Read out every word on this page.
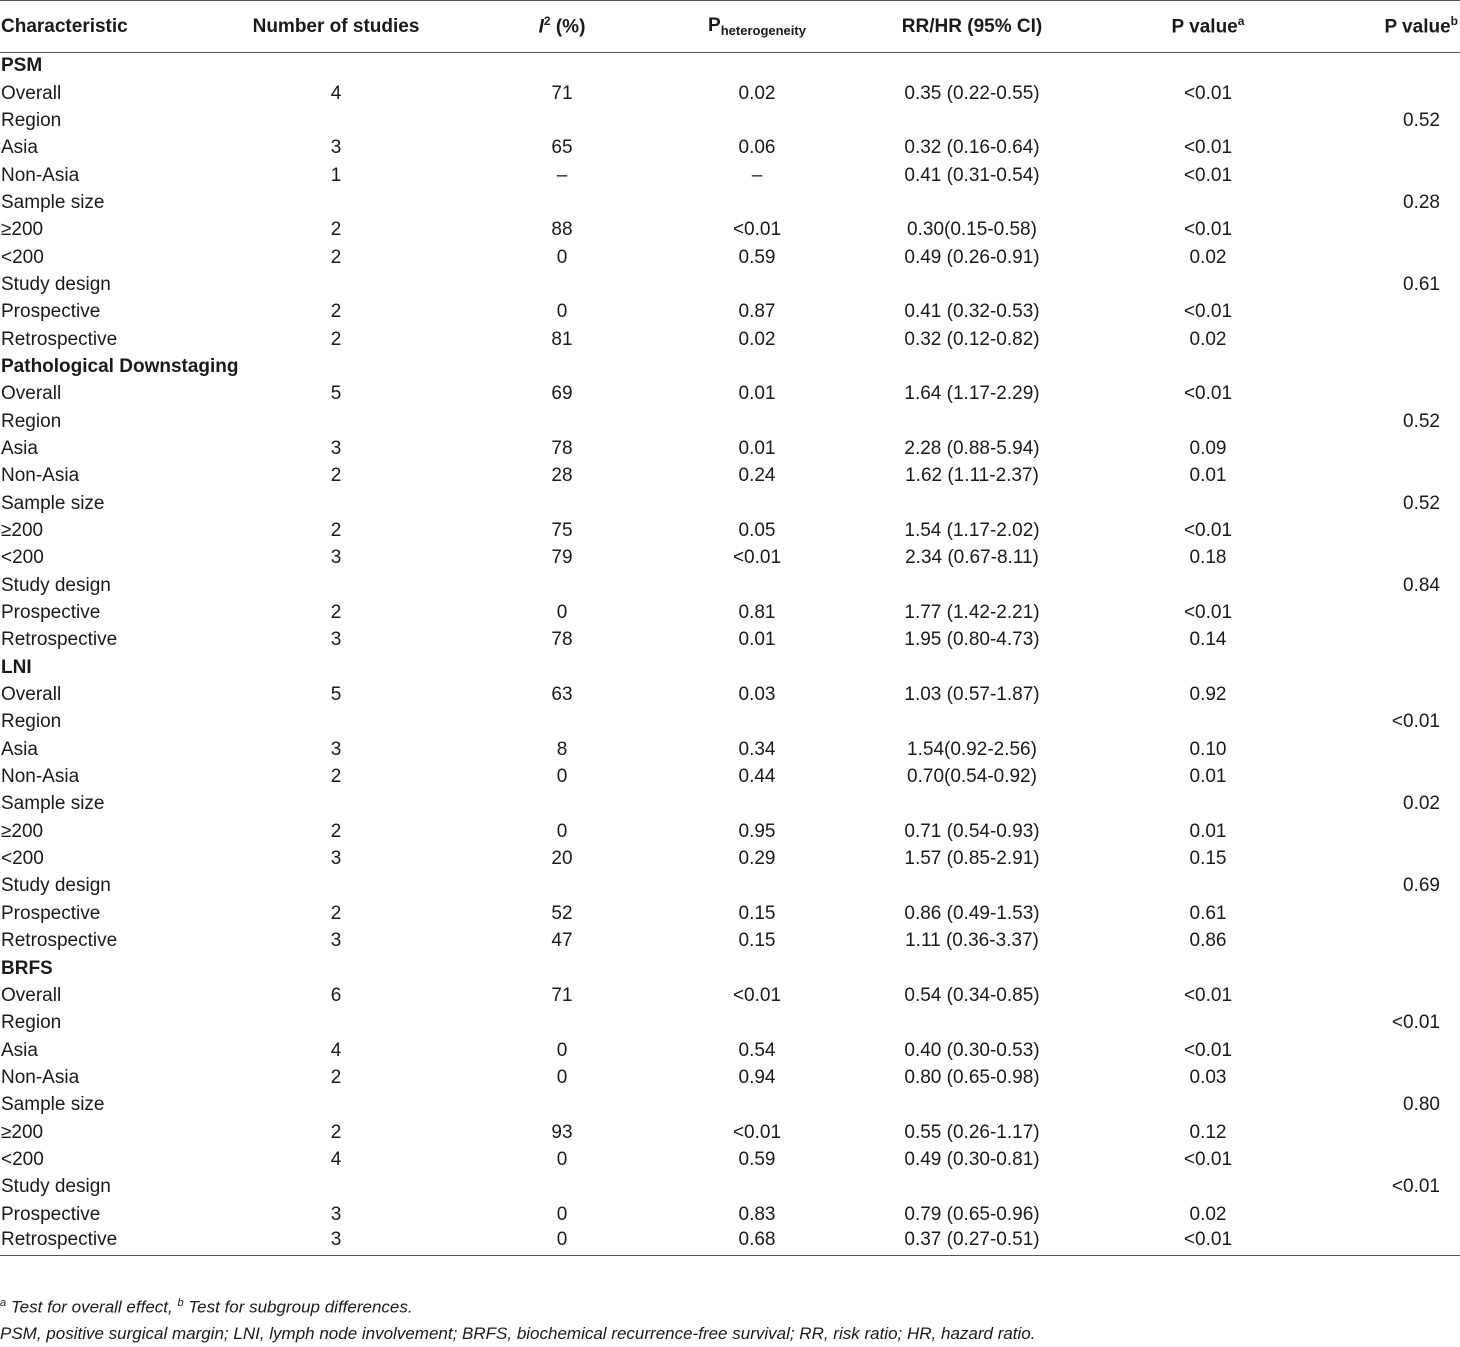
Characteristic	Number of studies	$I^2$ (%)	$P_{heterogeneity}$	RR/HR (95% CI)	P value$^a$	P value$^b$
PSM						
Overall	4	71	0.02	0.35 (0.22-0.55)	<0.01	
Region						0.52
Asia	3	65	0.06	0.32 (0.16-0.64)	<0.01	
Non-Asia	1	–	–	0.41 (0.31-0.54)	<0.01	
Sample size						0.28
≥200	2	88	<0.01	0.30(0.15-0.58)	<0.01	
<200	2	0	0.59	0.49 (0.26-0.91)	0.02	
Study design						0.61
Prospective	2	0	0.87	0.41 (0.32-0.53)	<0.01	
Retrospective	2	81	0.02	0.32 (0.12-0.82)	0.02	
Pathological Downstaging						
Overall	5	69	0.01	1.64 (1.17-2.29)	<0.01	
Region						0.52
Asia	3	78	0.01	2.28 (0.88-5.94)	0.09	
Non-Asia	2	28	0.24	1.62 (1.11-2.37)	0.01	
Sample size						0.52
≥200	2	75	0.05	1.54 (1.17-2.02)	<0.01	
<200	3	79	<0.01	2.34 (0.67-8.11)	0.18	
Study design						0.84
Prospective	2	0	0.81	1.77 (1.42-2.21)	<0.01	
Retrospective	3	78	0.01	1.95 (0.80-4.73)	0.14	
LNI						
Overall	5	63	0.03	1.03 (0.57-1.87)	0.92	
Region						<0.01
Asia	3	8	0.34	1.54(0.92-2.56)	0.10	
Non-Asia	2	0	0.44	0.70(0.54-0.92)	0.01	
Sample size						0.02
≥200	2	0	0.95	0.71 (0.54-0.93)	0.01	
<200	3	20	0.29	1.57 (0.85-2.91)	0.15	
Study design						0.69
Prospective	2	52	0.15	0.86 (0.49-1.53)	0.61	
Retrospective	3	47	0.15	1.11 (0.36-3.37)	0.86	
BRFS						
Overall	6	71	<0.01	0.54 (0.34-0.85)	<0.01	
Region						<0.01
Asia	4	0	0.54	0.40 (0.30-0.53)	<0.01	
Non-Asia	2	0	0.94	0.80 (0.65-0.98)	0.03	
Sample size						0.80
≥200	2	93	<0.01	0.55 (0.26-1.17)	0.12	
<200	4	0	0.59	0.49 (0.30-0.81)	<0.01	
Study design						<0.01
Prospective	3	0	0.83	0.79 (0.65-0.96)	0.02	
Retrospective	3	0	0.68	0.37 (0.27-0.51)	<0.01	
$^a$ Test for overall effect, $^b$ Test for subgroup differences.
PSM, positive surgical margin; LNI, lymph node involvement; BRFS, biochemical recurrence-free survival; RR, risk ratio; HR, hazard ratio.
